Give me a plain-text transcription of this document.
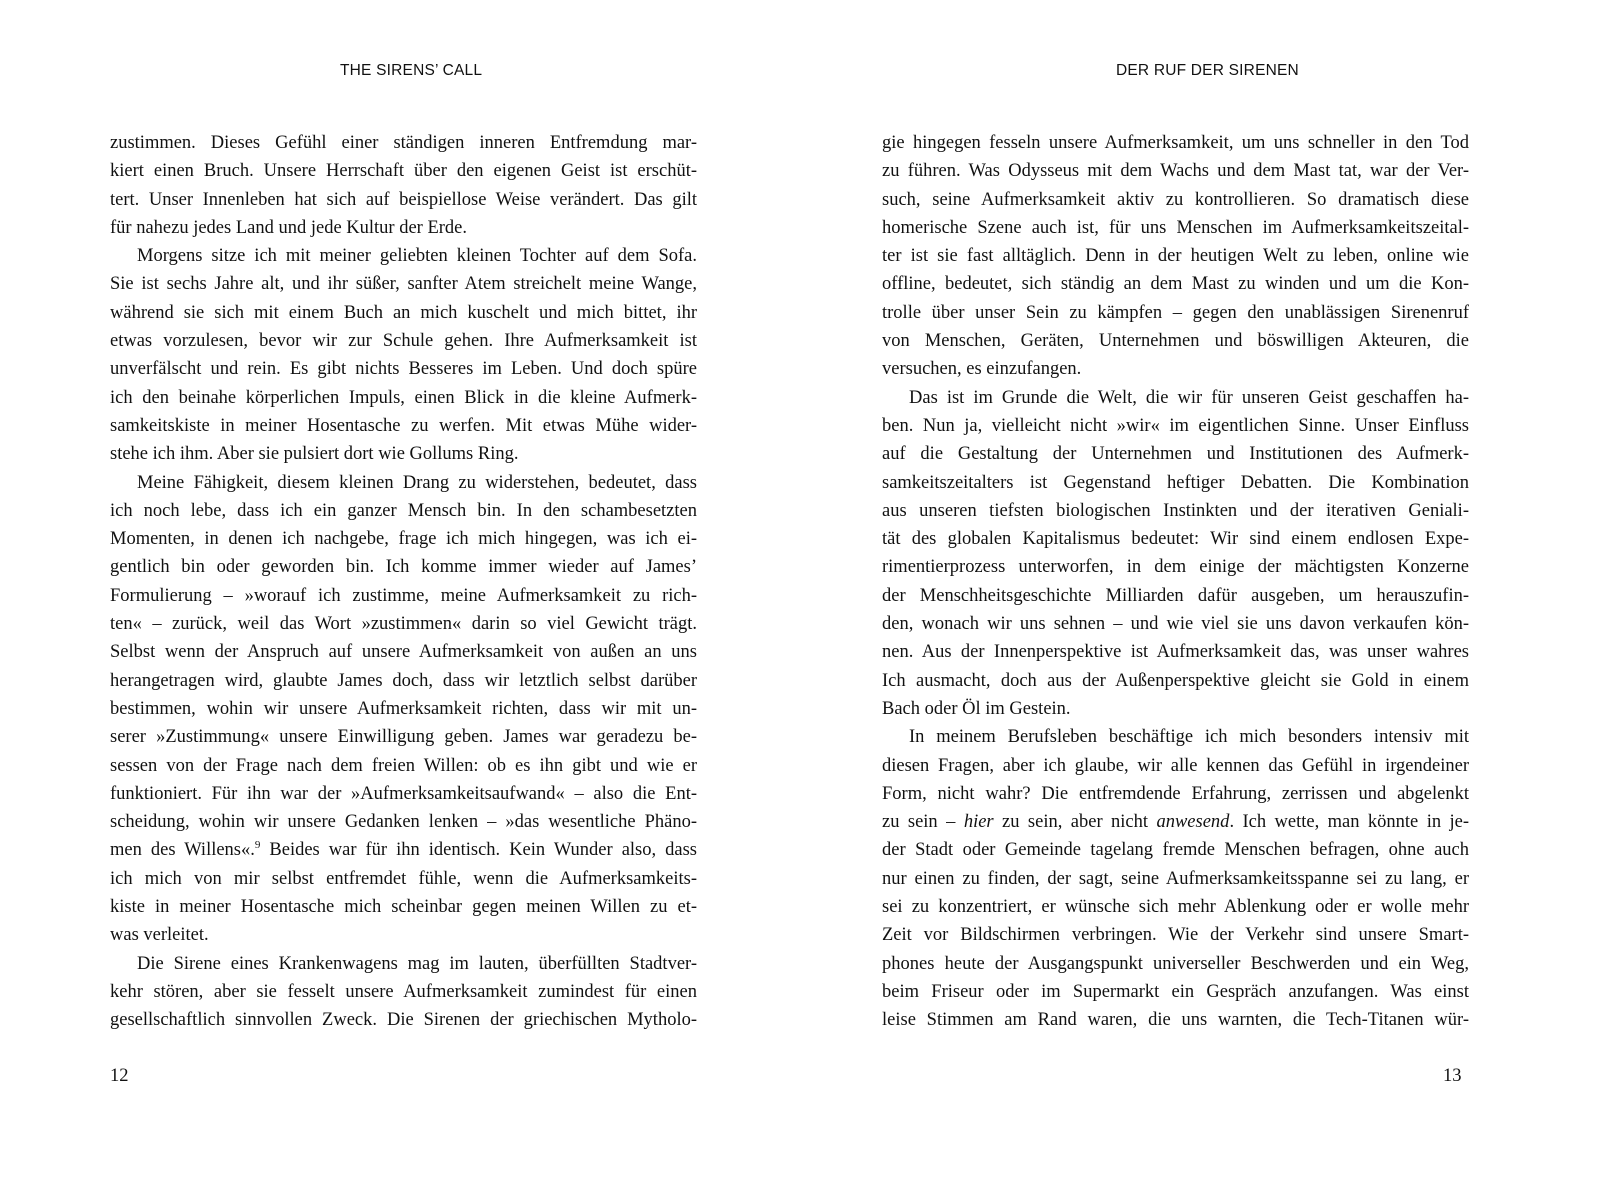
THE SIRENS’ CALL
zustimmen. Dieses Gefühl einer ständigen inneren Entfremdung mar-
kiert einen Bruch. Unsere Herrschaft über den eigenen Geist ist erschüt-
tert. Unser Innenleben hat sich auf beispiellose Weise verändert. Das gilt
für nahezu jedes Land und jede Kultur der Erde.
Morgens sitze ich mit meiner geliebten kleinen Tochter auf dem Sofa.
Sie ist sechs Jahre alt, und ihr süßer, sanfter Atem streichelt meine Wange,
während sie sich mit einem Buch an mich kuschelt und mich bittet, ihr
etwas vorzulesen, bevor wir zur Schule gehen. Ihre Aufmerksamkeit ist
unverfälscht und rein. Es gibt nichts Besseres im Leben. Und doch spüre
ich den beinahe körperlichen Impuls, einen Blick in die kleine Aufmerk-
samkeitskiste in meiner Hosentasche zu werfen. Mit etwas Mühe wider-
stehe ich ihm. Aber sie pulsiert dort wie Gollums Ring.
Meine Fähigkeit, diesem kleinen Drang zu widerstehen, bedeutet, dass
ich noch lebe, dass ich ein ganzer Mensch bin. In den schambesetzten
Momenten, in denen ich nachgebe, frage ich mich hingegen, was ich ei-
gentlich bin oder geworden bin. Ich komme immer wieder auf James’
Formulierung – »worauf ich zustimme, meine Aufmerksamkeit zu rich-
ten« – zurück, weil das Wort »zustimmen« darin so viel Gewicht trägt.
Selbst wenn der Anspruch auf unsere Aufmerksamkeit von außen an uns
herangetragen wird, glaubte James doch, dass wir letztlich selbst darüber
bestimmen, wohin wir unsere Aufmerksamkeit richten, dass wir mit un-
serer »Zustimmung« unsere Einwilligung geben. James war geradezu be-
sessen von der Frage nach dem freien Willen: ob es ihn gibt und wie er
funktioniert. Für ihn war der »Aufmerksamkeitsaufwand« – also die Ent-
scheidung, wohin wir unsere Gedanken lenken – »das wesentliche Phäno-
men des Willens«.$^9$ Beides war für ihn identisch. Kein Wunder also, dass
ich mich von mir selbst entfremdet fühle, wenn die Aufmerksamkeits-
kiste in meiner Hosentasche mich scheinbar gegen meinen Willen zu et-
was verleitet.
Die Sirene eines Krankenwagens mag im lauten, überfüllten Stadtver-
kehr stören, aber sie fesselt unsere Aufmerksamkeit zumindest für einen
gesellschaftlich sinnvollen Zweck. Die Sirenen der griechischen Mytholo-
12
DER RUF DER SIRENEN
gie hingegen fesseln unsere Aufmerksamkeit, um uns schneller in den Tod
zu führen. Was Odysseus mit dem Wachs und dem Mast tat, war der Ver-
such, seine Aufmerksamkeit aktiv zu kontrollieren. So dramatisch diese
homerische Szene auch ist, für uns Menschen im Aufmerksamkeitszeital-
ter ist sie fast alltäglich. Denn in der heutigen Welt zu leben, online wie
offline, bedeutet, sich ständig an dem Mast zu winden und um die Kon-
trolle über unser Sein zu kämpfen – gegen den unablässigen Sirenenruf
von Menschen, Geräten, Unternehmen und böswilligen Akteuren, die
versuchen, es einzufangen.
Das ist im Grunde die Welt, die wir für unseren Geist geschaffen ha-
ben. Nun ja, vielleicht nicht »wir« im eigentlichen Sinne. Unser Einfluss
auf die Gestaltung der Unternehmen und Institutionen des Aufmerk-
samkeitszeitalters ist Gegenstand heftiger Debatten. Die Kombination
aus unseren tiefsten biologischen Instinkten und der iterativen Geniali-
tät des globalen Kapitalismus bedeutet: Wir sind einem endlosen Expe-
rimentierprozess unterworfen, in dem einige der mächtigsten Konzerne
der Menschheitsgeschichte Milliarden dafür ausgeben, um herauszufin-
den, wonach wir uns sehnen – und wie viel sie uns davon verkaufen kön-
nen. Aus der Innenperspektive ist Aufmerksamkeit das, was unser wahres
Ich ausmacht, doch aus der Außenperspektive gleicht sie Gold in einem
Bach oder Öl im Gestein.
In meinem Berufsleben beschäftige ich mich besonders intensiv mit
diesen Fragen, aber ich glaube, wir alle kennen das Gefühl in irgendeiner
Form, nicht wahr? Die entfremdende Erfahrung, zerrissen und abgelenkt
zu sein – hier zu sein, aber nicht anwesend. Ich wette, man könnte in je-
der Stadt oder Gemeinde tagelang fremde Menschen befragen, ohne auch
nur einen zu finden, der sagt, seine Aufmerksamkeitsspanne sei zu lang, er
sei zu konzentriert, er wünsche sich mehr Ablenkung oder er wolle mehr
Zeit vor Bildschirmen verbringen. Wie der Verkehr sind unsere Smart-
phones heute der Ausgangspunkt universeller Beschwerden und ein Weg,
beim Friseur oder im Supermarkt ein Gespräch anzufangen. Was einst
leise Stimmen am Rand waren, die uns warnten, die Tech-Titanen wür-
13
